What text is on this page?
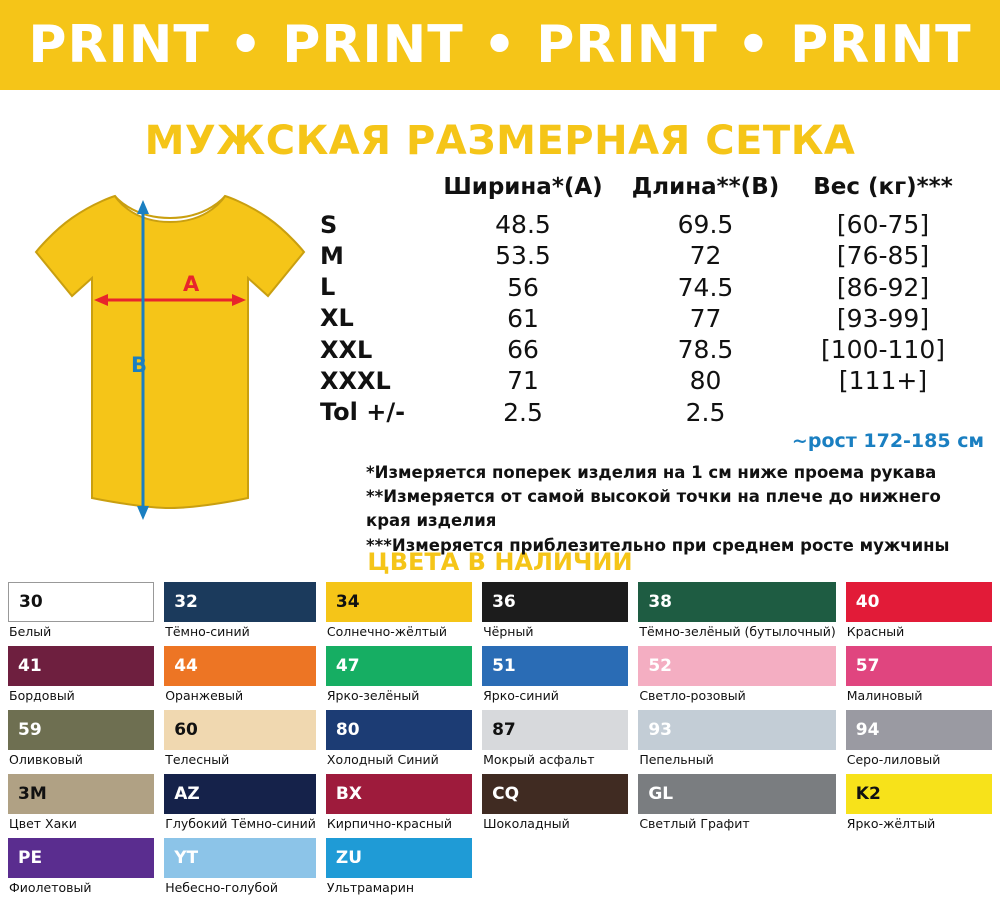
PRINT • PRINT • PRINT • PRINT
МУЖСКАЯ РАЗМЕРНАЯ СЕТКА
A
B
	Ширина*(A)	Длина**(B)	Вес (кг)***
S	48.5	69.5	[60-75]
M	53.5	72	[76-85]
L	56	74.5	[86-92]
XL	61	77	[93-99]
XXL	66	78.5	[100-110]
XXXL	71	80	[111+]
Tol +/-	2.5	2.5	
~рост 172-185 см
*Измеряется поперек изделия на 1 см ниже проема рукава
**Измеряется от самой высокой точки на плече до нижнего края изделия
***Измеряется приблезительно при среднем росте мужчины
ЦВЕТА В НАЛИЧИИ
30
Белый
32
Тёмно-синий
34
Солнечно-жёлтый
36
Чёрный
38
Тёмно-зелёный (бутылочный)
40
Красный
41
Бордовый
44
Оранжевый
47
Ярко-зелёный
51
Ярко-синий
52
Светло-розовый
57
Малиновый
59
Оливковый
60
Телесный
80
Холодный Синий
87
Мокрый асфальт
93
Пепельный
94
Серо-лиловый
3M
Цвет Хаки
AZ
Глубокий Тёмно-синий
BX
Кирпично-красный
CQ
Шоколадный
GL
Светлый Графит
K2
Ярко-жёлтый
PE
Фиолетовый
YT
Небесно-голубой
ZU
Ультрамарин
